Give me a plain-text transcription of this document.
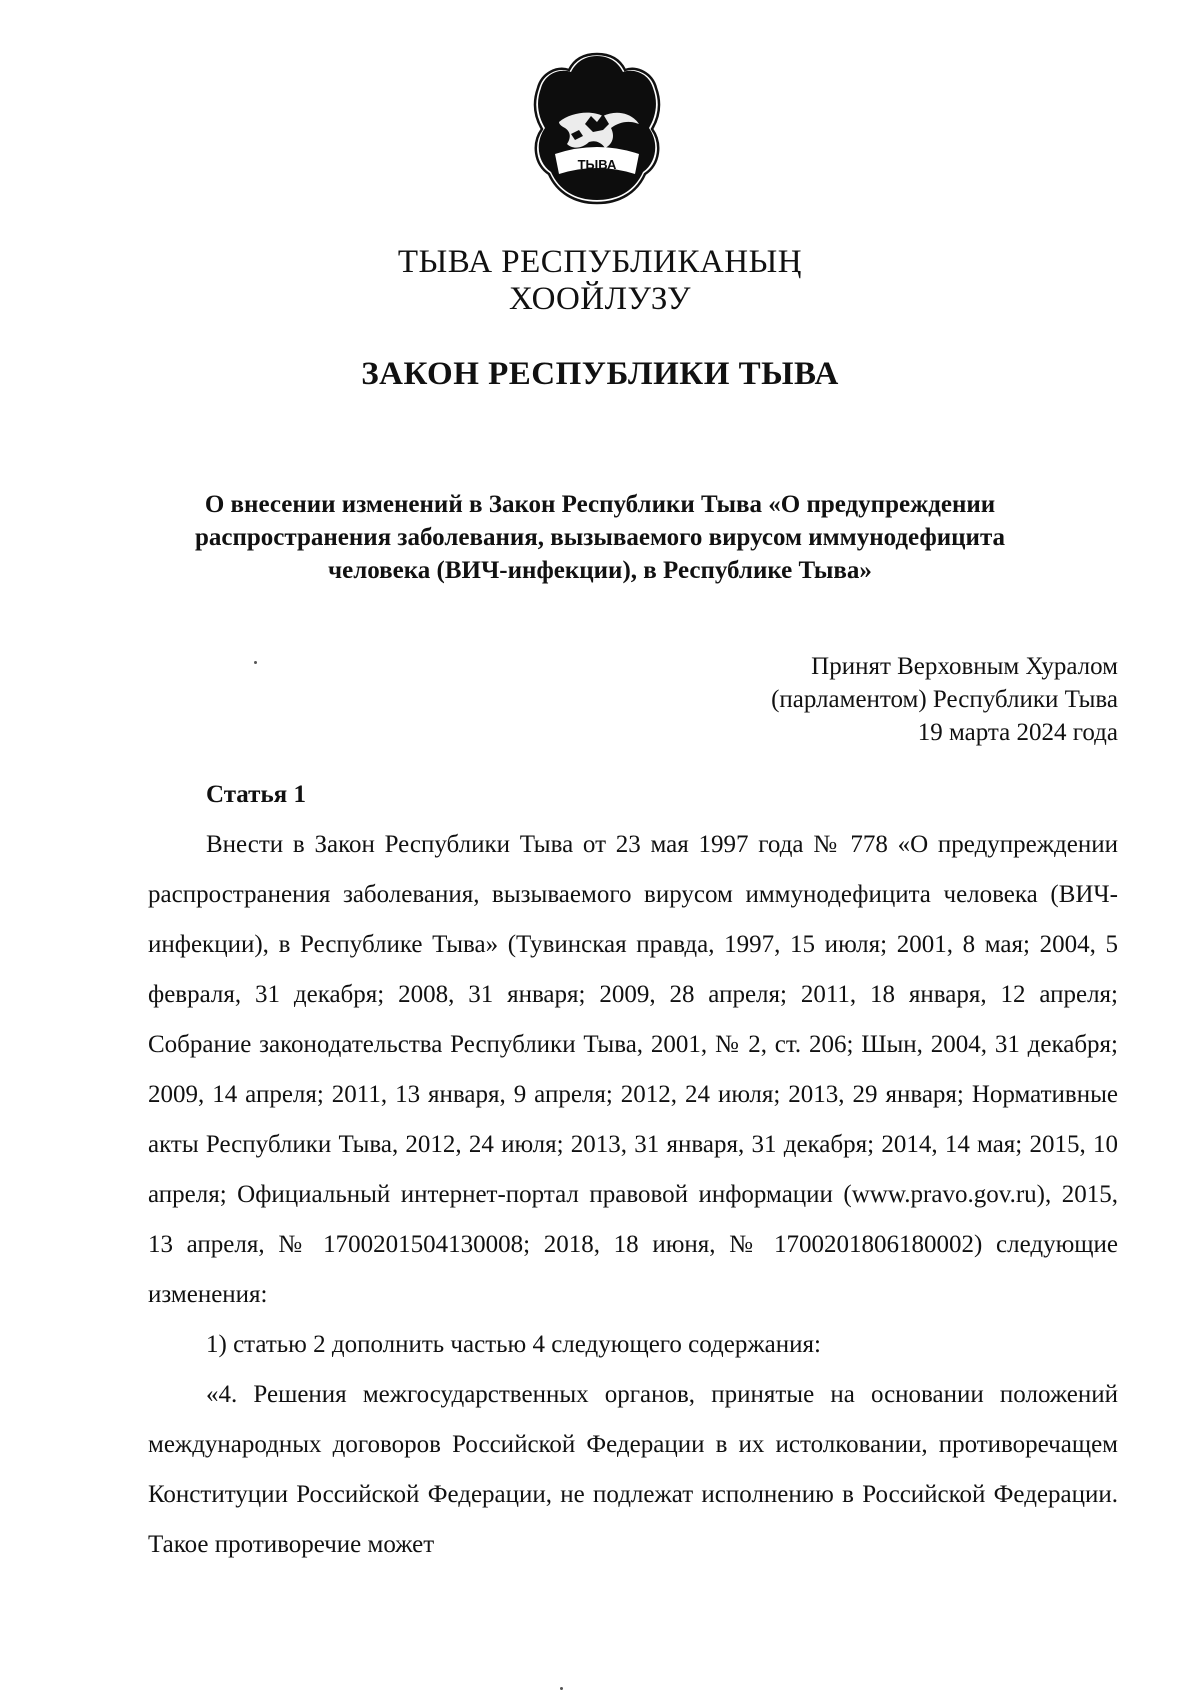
ТЫВА
ТЫВА РЕСПУБЛИКАНЫҢ
ХООЙЛУЗУ
ЗАКОН РЕСПУБЛИКИ ТЫВА
О внесении изменений в Закон Республики Тыва «О предупреждении
распространения заболевания, вызываемого вирусом иммунодефицита
человека (ВИЧ-инфекции), в Республике Тыва»
Принят Верховным Хуралом
(парламентом) Республики Тыва
19 марта 2024 года
Статья 1

Внести в Закон Республики Тыва от 23 мая 1997 года № 778 «О предупреждении распространения заболевания, вызываемого вирусом иммунодефицита человека (ВИЧ-инфекции), в Республике Тыва» (Тувинская правда, 1997, 15 июля; 2001, 8 мая; 2004, 5 февраля, 31 декабря; 2008, 31 января; 2009, 28 апреля; 2011, 18 января, 12 апреля; Собрание законодательства Республики Тыва, 2001, № 2, ст. 206; Шын, 2004, 31 декабря; 2009, 14 апреля; 2011, 13 января, 9 апреля; 2012, 24 июля; 2013, 29 января; Нормативные акты Республики Тыва, 2012, 24 июля; 2013, 31 января, 31 декабря; 2014, 14 мая; 2015, 10 апреля; Официальный интернет-портал правовой информации (www.pravo.gov.ru), 2015, 13 апреля, № 1700201504130008; 2018, 18 июня, № 1700201806180002) следующие изменения:

1) статью 2 дополнить частью 4 следующего содержания:

«4. Решения межгосударственных органов, принятые на основании положений международных договоров Российской Федерации в их истолковании, противоречащем Конституции Российской Федерации, не подлежат исполнению в Российской Федерации. Такое противоречие может
